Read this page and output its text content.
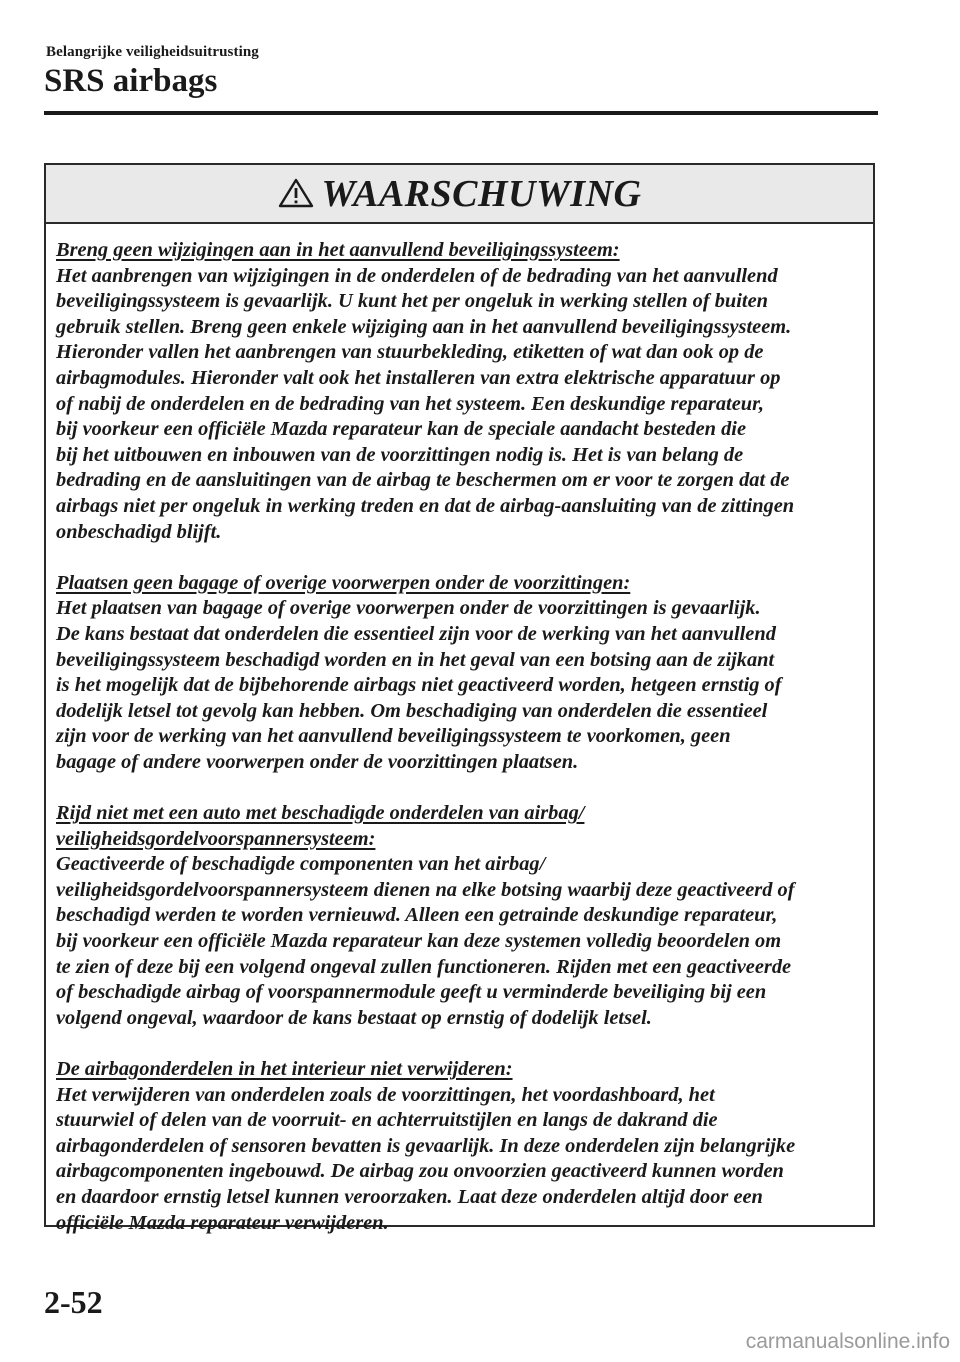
Belangrijke veiligheidsuitrusting
SRS airbags
WAARSCHUWING
Breng geen wijzigingen aan in het aanvullend beveiligingssysteem:
Het aanbrengen van wijzigingen in de onderdelen of de bedrading van het aanvullend
beveiligingssysteem is gevaarlijk. U kunt het per ongeluk in werking stellen of buiten
gebruik stellen. Breng geen enkele wijziging aan in het aanvullend beveiligingssysteem.
Hieronder vallen het aanbrengen van stuurbekleding, etiketten of wat dan ook op de
airbagmodules. Hieronder valt ook het installeren van extra elektrische apparatuur op
of nabij de onderdelen en de bedrading van het systeem. Een deskundige reparateur,
bij voorkeur een officiële Mazda reparateur kan de speciale aandacht besteden die
bij het uitbouwen en inbouwen van de voorzittingen nodig is. Het is van belang de
bedrading en de aansluitingen van de airbag te beschermen om er voor te zorgen dat de
airbags niet per ongeluk in werking treden en dat de airbag-aansluiting van de zittingen
onbeschadigd blijft.
Plaatsen geen bagage of overige voorwerpen onder de voorzittingen:
Het plaatsen van bagage of overige voorwerpen onder de voorzittingen is gevaarlijk.
De kans bestaat dat onderdelen die essentieel zijn voor de werking van het aanvullend
beveiligingssysteem beschadigd worden en in het geval van een botsing aan de zijkant
is het mogelijk dat de bijbehorende airbags niet geactiveerd worden, hetgeen ernstig of
dodelijk letsel tot gevolg kan hebben. Om beschadiging van onderdelen die essentieel
zijn voor de werking van het aanvullend beveiligingssysteem te voorkomen, geen
bagage of andere voorwerpen onder de voorzittingen plaatsen.
Rijd niet met een auto met beschadigde onderdelen van airbag/
veiligheidsgordelvoorspannersysteem:
Geactiveerde of beschadigde componenten van het airbag/
veiligheidsgordelvoorspannersysteem dienen na elke botsing waarbij deze geactiveerd of
beschadigd werden te worden vernieuwd. Alleen een getrainde deskundige reparateur,
bij voorkeur een officiële Mazda reparateur kan deze systemen volledig beoordelen om
te zien of deze bij een volgend ongeval zullen functioneren. Rijden met een geactiveerde
of beschadigde airbag of voorspannermodule geeft u verminderde beveiliging bij een
volgend ongeval, waardoor de kans bestaat op ernstig of dodelijk letsel.
De airbagonderdelen in het interieur niet verwijderen:
Het verwijderen van onderdelen zoals de voorzittingen, het voordashboard, het
stuurwiel of delen van de voorruit- en achterruitstijlen en langs de dakrand die
airbagonderdelen of sensoren bevatten is gevaarlijk. In deze onderdelen zijn belangrijke
airbagcomponenten ingebouwd. De airbag zou onvoorzien geactiveerd kunnen worden
en daardoor ernstig letsel kunnen veroorzaken. Laat deze onderdelen altijd door een
officiële Mazda reparateur verwijderen.
2-52
carmanualsonline.info
